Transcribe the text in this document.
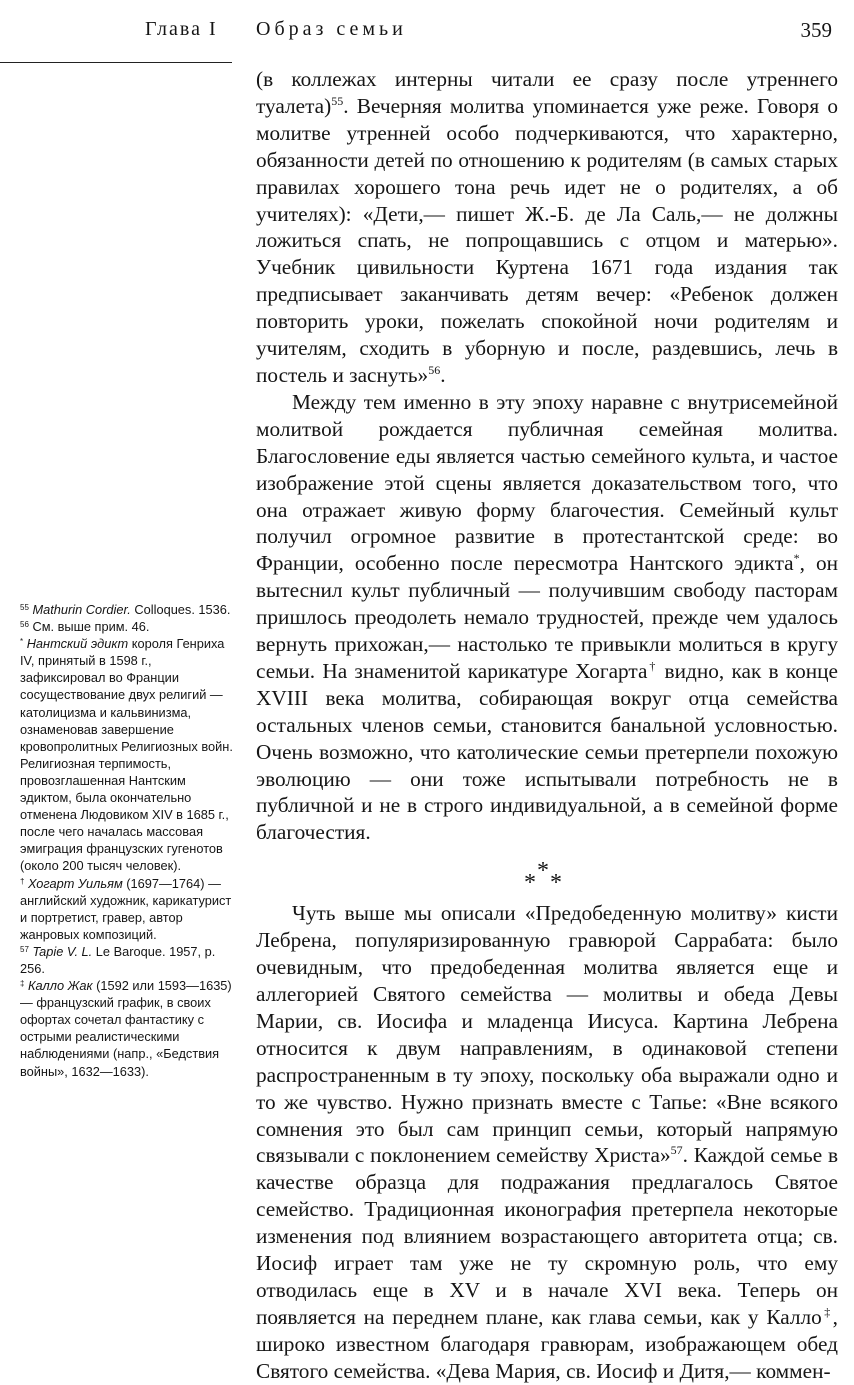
Глава I Образ семьи	359

(в коллежах интерны читали ее сразу после утреннего туалета)$^{55}$. Вечерняя молитва упоминается уже реже. Говоря о молитве утренней особо подчеркиваются, что характерно, обязанности детей по отношению к родителям (в самых старых правилах хорошего тона речь идет не о родителях, а об учителях): «Дети,— пишет Ж.-Б. де Ла Саль,— не должны ложиться спать, не попрощавшись с отцом и матерью». Учебник цивильности Куртена 1671 года издания так предписывает заканчивать детям вечер: «Ребенок должен повторить уроки, пожелать спокойной ночи родителям и учителям, сходить в уборную и после, раздевшись, лечь в постель и заснуть»$^{56}$.

Между тем именно в эту эпоху наравне с внутрисемейной молитвой рождается публичная семейная молитва. Благословение еды является частью семейного культа, и частое изображение этой сцены является доказательством того, что она отражает живую форму благочестия. Семейный культ получил огромное развитие в протестантской среде: во Франции, особенно после пересмотра Нантского эдикта*, он вытеснил культ публичный — получившим свободу пасторам пришлось преодолеть немало трудностей, прежде чем удалось вернуть прихожан,— настолько те привыкли молиться в кругу семьи. На знаменитой карикатуре Хогарта† видно, как в конце XVIII века молитва, собирающая вокруг отца семейства остальных членов семьи, становится банальной условностью. Очень возможно, что католические семьи претерпели похожую эволюцию — они тоже испытывали потребность не в публичной и не в строго индивидуальной, а в семейной форме благочестия.

*
* *

Чуть выше мы описали «Предобеденную молитву» кисти Лебрена, популяризированную гравюрой Саррабата: было очевидным, что предобеденная молитва является еще и аллегорией Святого семейства — молитвы и обеда Девы Марии, св. Иосифа и младенца Иисуса. Картина Лебрена относится к двум направлениям, в одинаковой степени распространенным в ту эпоху, поскольку оба выражали одно и то же чувство. Нужно признать вместе с Тапье: «Вне всякого сомнения это был сам принцип семьи, который напрямую связывали с поклонением семейству Христа»$^{57}$. Каждой семье в качестве образца для подражания предлагалось Святое семейство. Традиционная иконография претерпела некоторые изменения под влиянием возрастающего авторитета отца; св. Иосиф играет там уже не ту скромную роль, что ему отводилась еще в XV и в начале XVI века. Теперь он появляется на переднем плане, как глава семьи, как у Калло‡, широко известном благодаря гравюрам, изображающем обед Святого семейства. «Дева Мария, св. Иосиф и Дитя,— коммен-

$^{55}$ Mathurin Cordier. Colloques. 1536.

$^{56}$ См. выше прим. 46.

* Нантский эдикт короля Генриха IV, принятый в 1598 г., зафиксировал во Франции сосуществование двух религий — католицизма и кальвинизма, ознаменовав завершение кровопролитных Религиозных войн. Религиозная терпимость, провозглашенная Нантским эдиктом, была окончательно отменена Людовиком XIV в 1685 г., после чего началась массовая эмиграция французских гугенотов (около 200 тысяч человек).

† Хогарт Уильям (1697—1764) — английский художник, карикатурист и портретист, гравер, автор жанровых композиций.

$^{57}$ Tapie V. L. Le Baroque. 1957, p. 256.

‡ Калло Жак (1592 или 1593—1635) — французский график, в своих офортах сочетал фантастику с острыми реалистическими наблюдениями (напр., «Бедствия войны», 1632—1633).
